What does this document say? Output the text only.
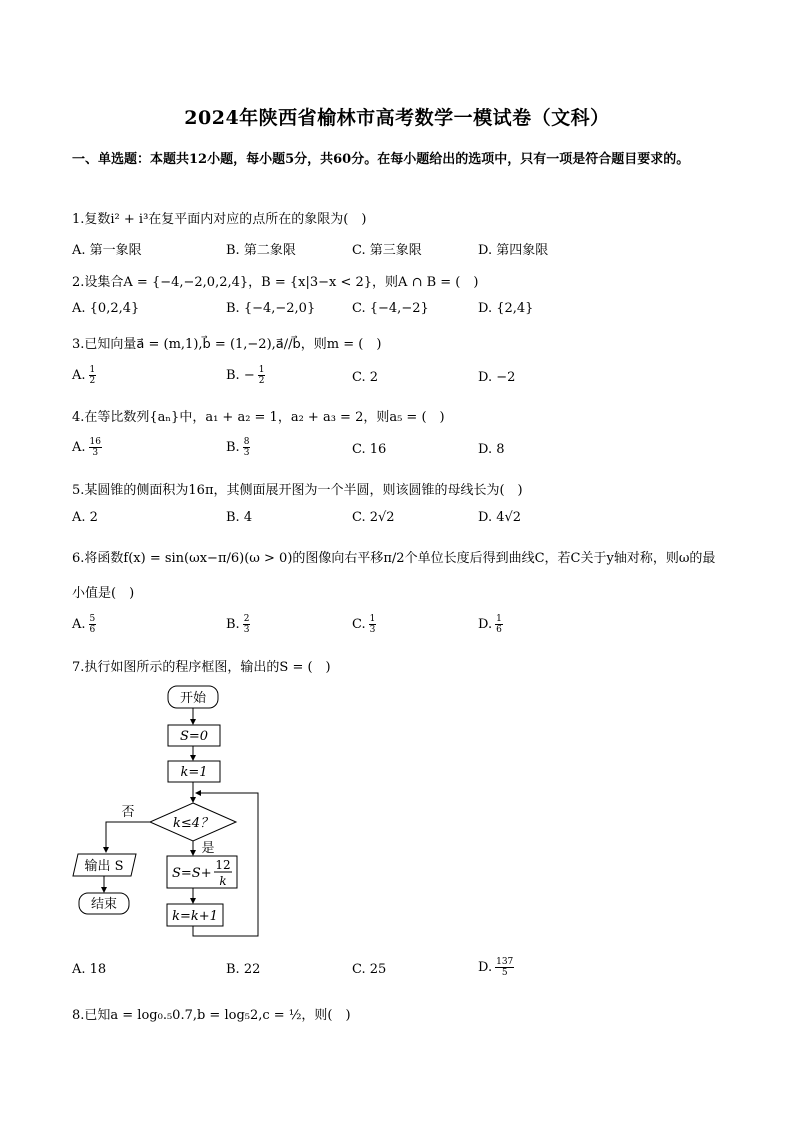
2024年陕西省榆林市高考数学一模试卷（文科）
一、单选题：本题共12小题，每小题5分，共60分。在每小题给出的选项中，只有一项是符合题目要求的。
1.复数i² + i³在复平面内对应的点所在的象限为(　)
A. 第一象限	B. 第二象限	C. 第三象限	D. 第四象限
2.设集合A = {−4,−2,0,2,4}，B = {x|3−x < 2}，则A ∩ B = (　)
A. {0,2,4}	B. {−4,−2,0}	C. {−4,−2}	D. {2,4}
3.已知向量a⃗ = (m,1),b⃗ = (1,−2),a⃗//b⃗，则m = (　)
A. $\frac{1}{2}$	B. − $\frac{1}{2}$	C. 2	D. −2
4.在等比数列{aₙ}中，a₁ + a₂ = 1，a₂ + a₃ = 2，则a₅ = (　)
A. $\frac{16}{3}$	B. $\frac{8}{3}$	C. 16	D. 8
5.某圆锥的侧面积为16π，其侧面展开图为一个半圆，则该圆锥的母线长为(　)
A. 2	B. 4	C. 2√2	D. 4√2
6.将函数f(x) = sin(ωx−π/6)(ω > 0)的图像向右平移π/2个单位长度后得到曲线C，若C关于y轴对称，则ω的最
小值是(　)
A. $\frac{5}{6}$	B. $\frac{2}{3}$	C. $\frac{1}{3}$	D. $\frac{1}{6}$
7.执行如图所示的程序框图，输出的S = (　)
开始
S=0
k=1
k≤4？
否
是
S=S+
12
k
k=k+1
输出 S
结束
A. 18	B. 22	C. 25	D. $\frac{137}{5}$
8.已知a = log₀.₅0.7,b = log₅2,c = ½，则(　)
